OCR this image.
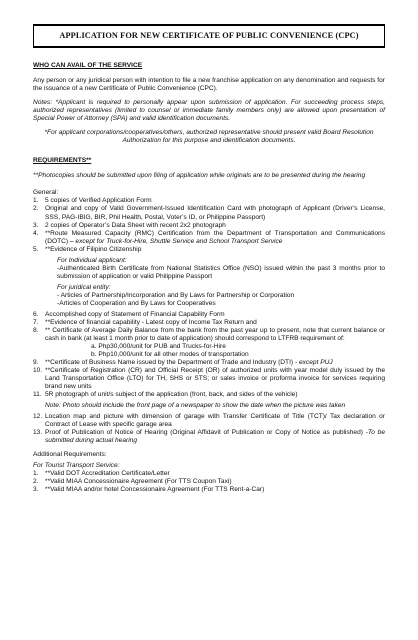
APPLICATION FOR NEW CERTIFICATE OF PUBLIC CONVENIENCE (CPC)
WHO CAN AVAIL OF THE SERVICE
Any person or any juridical person with intention to file a new franchise application on any denomination and requests for the issuance of a new Certificate of Public Convenience (CPC).
Notes: *Applicant is required to personally appear upon submission of application. For succeeding process steps, authorized representatives (limited to counsel or immediate family members only) are allowed upon presentation of Special Power of Attorney (SPA) and valid identification documents.
*For applicant corporations/cooperatives/others, authorized representative should present valid Board Resolution Authorization for this purpose and identification documents.
REQUIREMENTS**
**Photocopies should be submitted upon filing of application while originals are to be presented during the hearing
General:
1. 5 copies of Verified Application Form
2. Original and copy of Valid Government-Issued Identification Card with photograph of Applicant (Driver’s License, SSS, PAG-IBIG, BIR, Phil Health, Postal, Voter’s ID, or Philippine Passport)
3. 2 copies of Operator’s Data Sheet with recent 2x2 photograph
4. **Route Measured Capacity (RMC) Certification from the Department of Transportation and Communications (DOTC) – except for Truck-for-Hire, Shuttle Service and School Transport Service
5. **Evidence of Filipino Citizenship
For Individual applicant:
-Authenticated Birth Certificate from National Statistics Office (NSO) issued within the past 3 months prior to submission of application or valid Philippine Passport
For juridical entity:
- Articles of Partnership/Incorporation and By Laws for Partnership or Corporation
-Articles of Cooperation and By Laws for Cooperatives
6. Accomplished copy of Statement of Financial Capability Form
7. **Evidence of financial capability - Latest copy of Income Tax Return and
8. ** Certificate of Average Daily Balance from the bank from the past year up to present, note that current balance or cash in bank (at least 1 month prior to date of application) should correspond to LTFRB requirement of:
a. Php30,000/unit for PUB and Trucks-for-Hire
b. Php10,000/unit for all other modes of transportation
9. **Certificate of Business Name issued by the Department of Trade and Industry (DTI) - except PUJ
10. **Certificate of Registration (CR) and Official Receipt (OR) of authorized units with year model duly issued by the Land Transportation Office (LTO) for TH, SHS or STS; or sales invoice or proforma invoice for services requiring brand new units
11. 5R photograph of unit/s subject of the application (front, back, and sides of the vehicle)
Note: Photo should include the front page of a newspaper to show the date when the picture was taken
12. Location map and picture with dimension of garage with Transfer Certificate of Title (TCT)/ Tax declaration or Contract of Lease with specific garage area
13. Proof of Publication of Notice of Hearing (Original Affidavit of Publication or Copy of Notice as published) -To be submitted during actual hearing
Additional Requirements:
For Tourist Transport Service:
1. **Valid DOT Accreditation Certificate/Letter
2. **Valid MIAA Concessionaire Agreement (For TTS Coupon Taxi)
3. **Valid MIAA and/or hotel Concessionaire Agreement (For TTS Rent-a-Car)
